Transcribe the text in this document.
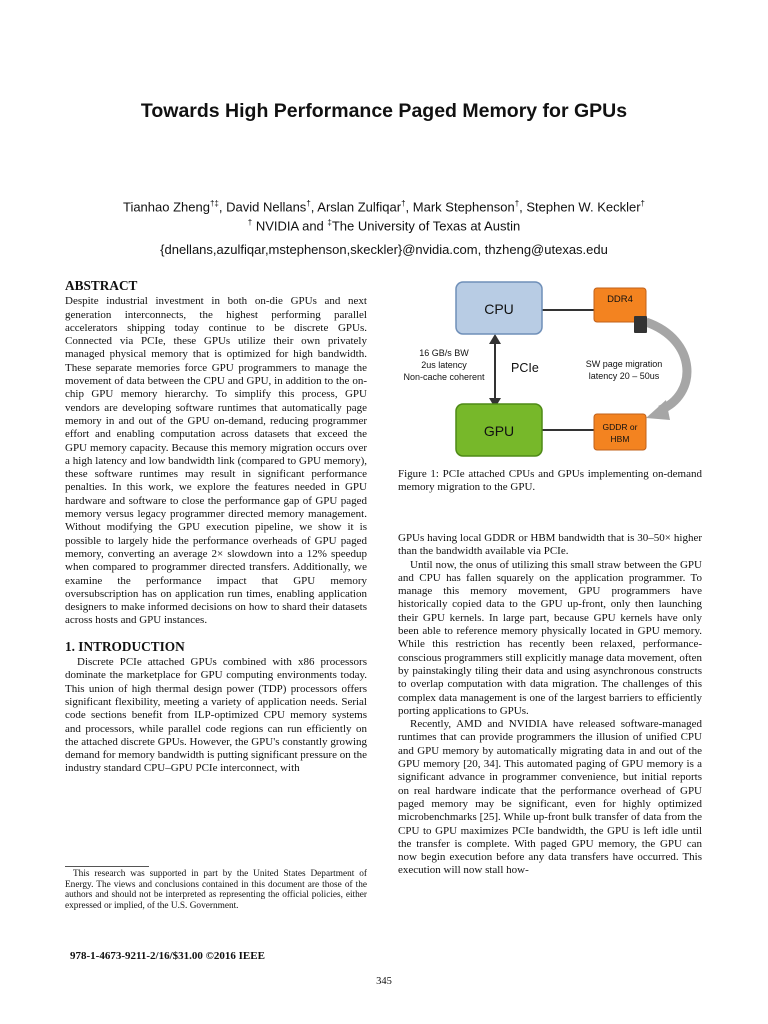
Towards High Performance Paged Memory for GPUs
Tianhao Zheng†‡, David Nellans†, Arslan Zulfiqar†, Mark Stephenson†, Stephen W. Keckler†
† NVIDIA and ‡The University of Texas at Austin
{dnellans,azulfiqar,mstephenson,skeckler}@nvidia.com, thzheng@utexas.edu
ABSTRACT

Despite industrial investment in both on-die GPUs and next generation interconnects, the highest performing parallel accelerators shipping today continue to be discrete GPUs. Connected via PCIe, these GPUs utilize their own privately managed physical memory that is optimized for high bandwidth. These separate memories force GPU programmers to manage the movement of data between the CPU and GPU, in addition to the on-chip GPU memory hierarchy. To simplify this process, GPU vendors are developing software runtimes that automatically page memory in and out of the GPU on-demand, reducing programmer effort and enabling computation across datasets that exceed the GPU memory capacity. Because this memory migration occurs over a high latency and low bandwidth link (compared to GPU memory), these software runtimes may result in significant performance penalties. In this work, we explore the features needed in GPU hardware and software to close the performance gap of GPU paged memory versus legacy programmer directed memory management. Without modifying the GPU execution pipeline, we show it is possible to largely hide the performance overheads of GPU paged memory, converting an average 2× slowdown into a 12% speedup when compared to programmer directed transfers. Additionally, we examine the performance impact that GPU memory oversubscription has on application run times, enabling application designers to make informed decisions on how to shard their datasets across hosts and GPU instances.

1. INTRODUCTION

Discrete PCIe attached GPUs combined with x86 processors dominate the marketplace for GPU computing environments today. This union of high thermal design power (TDP) processors offers significant flexibility, meeting a variety of application needs. Serial code sections benefit from ILP-optimized CPU memory systems and processors, while parallel code regions can run efficiently on the attached discrete GPUs. However, the GPU's constantly growing demand for memory bandwidth is putting significant pressure on the industry standard CPU–GPU PCIe interconnect, with

This research was supported in part by the United States Department of Energy. The views and conclusions contained in this document are those of the authors and should not be interpreted as representing the official policies, either expressed or implied, of the U.S. Government.

CPU
GPU
DDR4
GDDR or
HBM
PCIe
16 GB/s BW
2us latency
Non-cache coherent
SW page migration
latency 20 – 50us
Figure 1: PCIe attached CPUs and GPUs implementing on-demand memory migration to the GPU.

GPUs having local GDDR or HBM bandwidth that is 30–50× higher than the bandwidth available via PCIe.

Until now, the onus of utilizing this small straw between the GPU and CPU has fallen squarely on the application programmer. To manage this memory movement, GPU programmers have historically copied data to the GPU up-front, only then launching their GPU kernels. In large part, because GPU kernels have only been able to reference memory physically located in GPU memory. While this restriction has recently been relaxed, performance-conscious programmers still explicitly manage data movement, often by painstakingly tiling their data and using asynchronous constructs to overlap computation with data migration. The challenges of this complex data management is one of the largest barriers to efficiently porting applications to GPUs.

Recently, AMD and NVIDIA have released software-managed runtimes that can provide programmers the illusion of unified CPU and GPU memory by automatically migrating data in and out of the GPU memory [20, 34]. This automated paging of GPU memory is a significant advance in programmer convenience, but initial reports on real hardware indicate that the performance overhead of GPU paged memory may be significant, even for highly optimized microbenchmarks [25]. While up-front bulk transfer of data from the CPU to GPU maximizes PCIe bandwidth, the GPU is left idle until the transfer is complete. With paged GPU memory, the GPU can now begin execution before any data transfers have occurred. This execution will now stall how-

978-1-4673-9211-2/16/$31.00 ©2016 IEEE
345
